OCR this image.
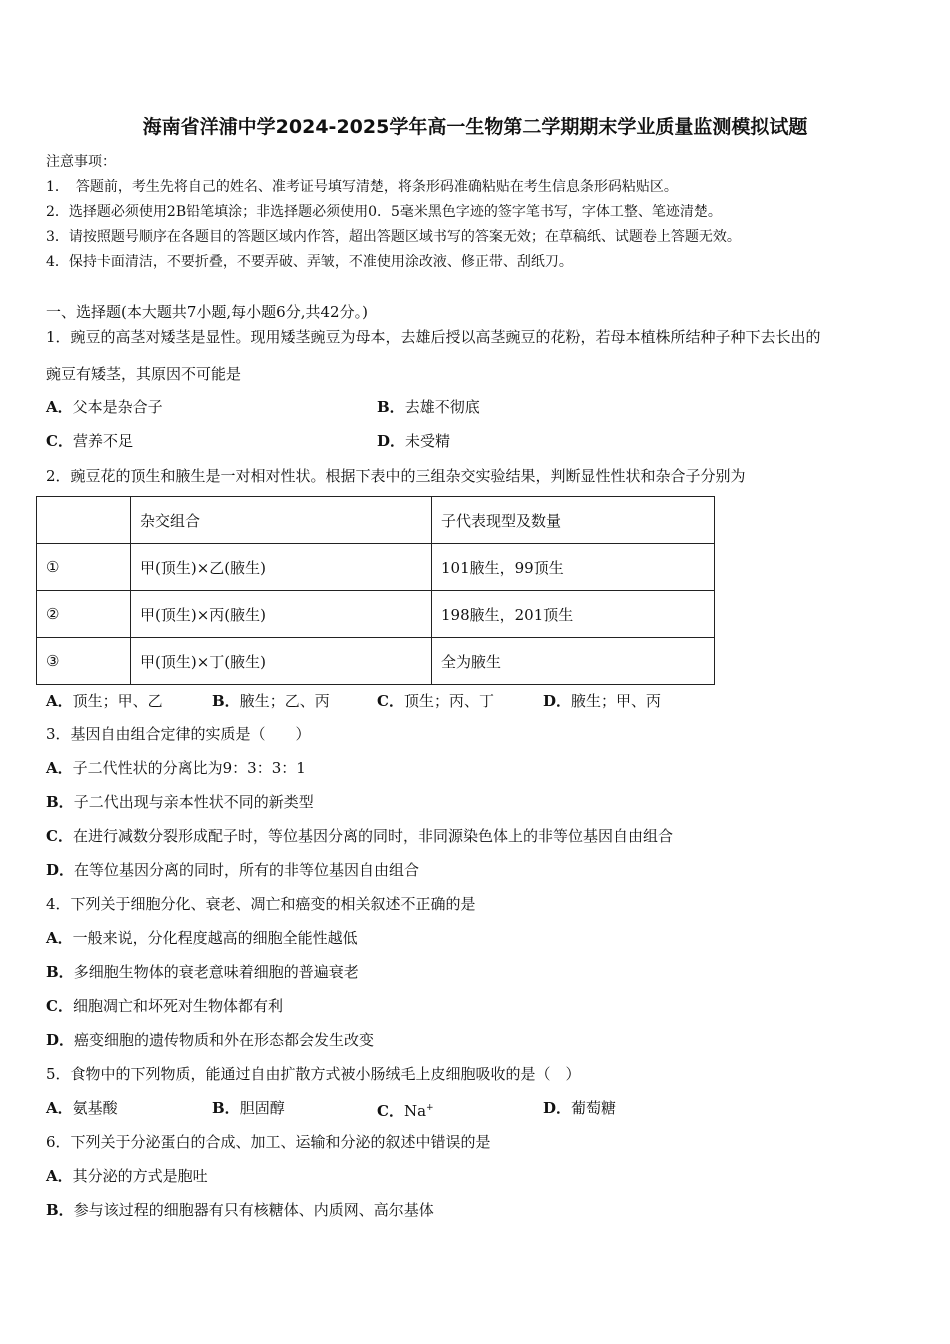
海南省洋浦中学2024-2025学年高一生物第二学期期末学业质量监测模拟试题
注意事项：
1．　答题前，考生先将自己的姓名、准考证号填写清楚，将条形码准确粘贴在考生信息条形码粘贴区。
2．选择题必须使用2B铅笔填涂；非选择题必须使用0．5毫米黑色字迹的签字笔书写，字体工整、笔迹清楚。
3．请按照题号顺序在各题目的答题区域内作答，超出答题区域书写的答案无效；在草稿纸、试题卷上答题无效。
4．保持卡面清洁，不要折叠，不要弄破、弄皱，不准使用涂改液、修正带、刮纸刀。
一、选择题(本大题共7小题,每小题6分,共42分。)
1．豌豆的高茎对矮茎是显性。现用矮茎豌豆为母本，去雄后授以高茎豌豆的花粉，若母本植株所结种子种下去长出的
豌豆有矮茎，其原因不可能是
A．父本是杂合子	B．去雄不彻底
C．营养不足	D．未受精
2．豌豆花的顶生和腋生是一对相对性状。根据下表中的三组杂交实验结果，判断显性性状和杂合子分别为
	杂交组合	子代表现型及数量
①	甲(顶生)×乙(腋生)	101腋生，99顶生
②	甲(顶生)×丙(腋生)	198腋生，201顶生
③	甲(顶生)×丁(腋生)	全为腋生
A．顶生；甲、乙	B．腋生；乙、丙	C．顶生；丙、丁	D．腋生；甲、丙
3．基因自由组合定律的实质是（　　）
A．子二代性状的分离比为9：3：3：1
B．子二代出现与亲本性状不同的新类型
C．在进行减数分裂形成配子时，等位基因分离的同时，非同源染色体上的非等位基因自由组合
D．在等位基因分离的同时，所有的非等位基因自由组合
4．下列关于细胞分化、衰老、凋亡和癌变的相关叙述不正确的是
A．一般来说，分化程度越高的细胞全能性越低
B．多细胞生物体的衰老意味着细胞的普遍衰老
C．细胞凋亡和坏死对生物体都有利
D．癌变细胞的遗传物质和外在形态都会发生改变
5．食物中的下列物质，能通过自由扩散方式被小肠绒毛上皮细胞吸收的是（　）
A．氨基酸	B．胆固醇	C．Na+	D．葡萄糖
6．下列关于分泌蛋白的合成、加工、运输和分泌的叙述中错误的是
A．其分泌的方式是胞吐
B．参与该过程的细胞器有只有核糖体、内质网、高尔基体
